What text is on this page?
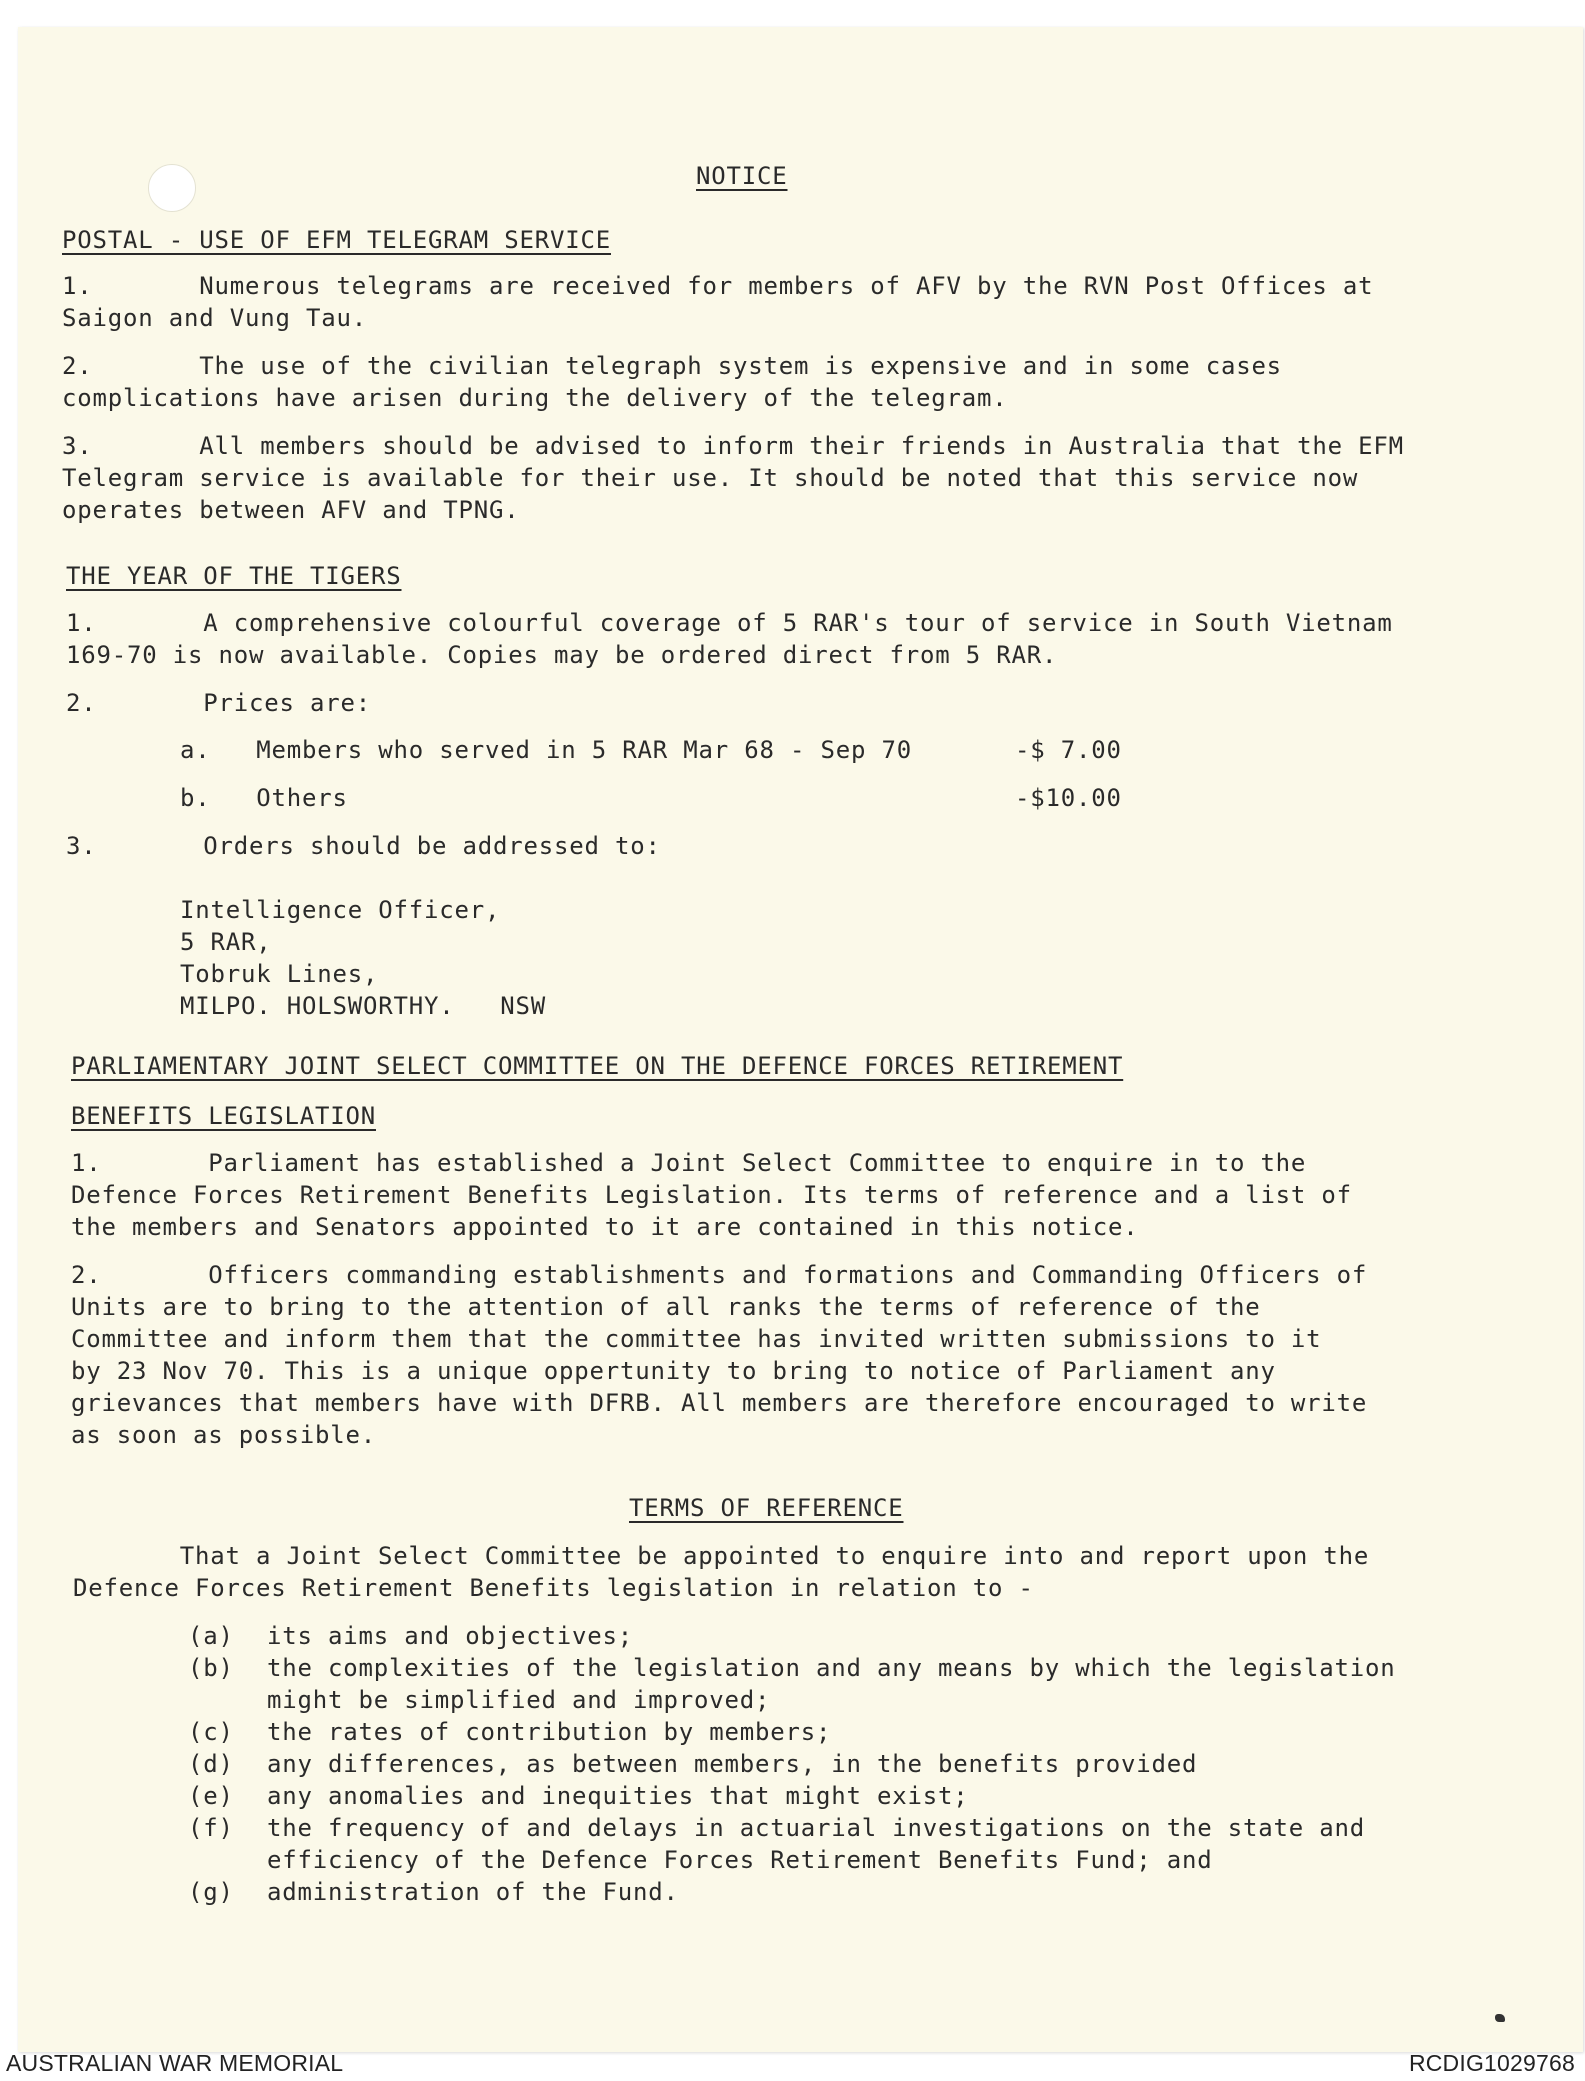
NOTICE

POSTAL - USE OF EFM TELEGRAM SERVICE

1.       Numerous telegrams are received for members of AFV by the RVN Post Offices at

Saigon and Vung Tau.

2.       The use of the civilian telegraph system is expensive and in some cases

complications have arisen during the delivery of the telegram.

3.       All members should be advised to inform their friends in Australia that the EFM

Telegram service is available for their use. It should be noted that this service now

operates between AFV and TPNG.

THE YEAR OF THE TIGERS

1.       A comprehensive colourful coverage of 5 RAR's tour of service in South Vietnam

169-70 is now available. Copies may be ordered direct from 5 RAR.

2.       Prices are:

a.   Members who served in 5 RAR Mar 68 - Sep 70	-$ 7.00

b.   Others	-$10.00

3.       Orders should be addressed to:

Intelligence Officer,

5 RAR,

Tobruk Lines,

MILPO. HOLSWORTHY.   NSW

PARLIAMENTARY JOINT SELECT COMMITTEE ON THE DEFENCE FORCES RETIREMENT

BENEFITS LEGISLATION

1.       Parliament has established a Joint Select Committee to enquire in to the

Defence Forces Retirement Benefits Legislation. Its terms of reference and a list of

the members and Senators appointed to it are contained in this notice.

2.       Officers commanding establishments and formations and Commanding Officers of

Units are to bring to the attention of all ranks the terms of reference of the

Committee and inform them that the committee has invited written submissions to it

by 23 Nov 70. This is a unique oppertunity to bring to notice of Parliament any

grievances that members have with DFRB. All members are therefore encouraged to write

as soon as possible.

TERMS OF REFERENCE

That a Joint Select Committee be appointed to enquire into and report upon the

Defence Forces Retirement Benefits legislation in relation to -

(a) its aims and objectives;

(b) the complexities of the legislation and any means by which the legislation

might be simplified and improved;

(c) the rates of contribution by members;

(d) any differences, as between members, in the benefits provided

(e) any anomalies and inequities that might exist;

(f) the frequency of and delays in actuarial investigations on the state and

efficiency of the Defence Forces Retirement Benefits Fund; and

(g) administration of the Fund.

AUSTRALIAN WAR MEMORIAL	RCDIG1029768
